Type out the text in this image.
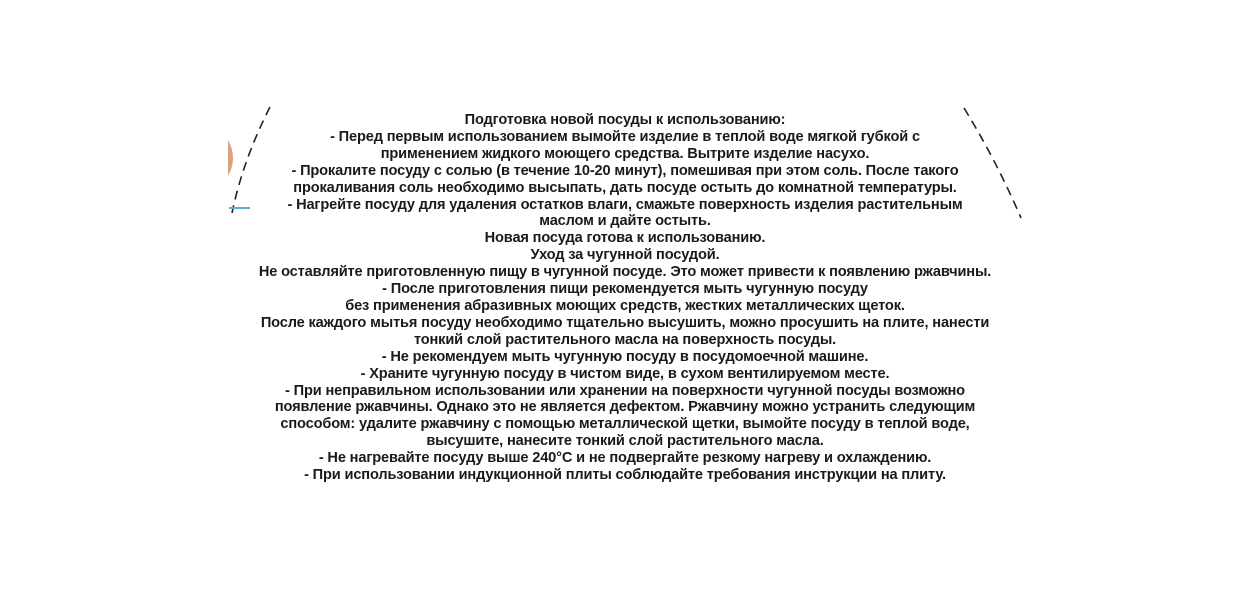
Подготовка новой посуды к использованию:
- Перед первым использованием вымойте изделие в теплой воде мягкой губкой с
применением жидкого моющего средства. Вытрите изделие насухо.
- Прокалите посуду с солью (в течение 10-20 минут), помешивая при этом соль. После такого
прокаливания соль необходимо высыпать, дать посуде остыть до комнатной температуры.
- Нагрейте посуду для удаления остатков влаги, смажьте поверхность изделия растительным
маслом и дайте остыть.
Новая посуда готова к использованию.
Уход за чугунной посудой.
Не оставляйте приготовленную пищу в чугунной посуде. Это может привести к появлению ржавчины.
- После приготовления пищи рекомендуется мыть чугунную посуду
без применения абразивных моющих средств, жестких металлических щеток.
После каждого мытья посуду необходимо тщательно высушить, можно просушить на плите, нанести
тонкий слой растительного масла на поверхность посуды.
- Не рекомендуем мыть чугунную посуду в посудомоечной машине.
- Храните чугунную посуду в чистом виде, в сухом вентилируемом месте.
- При неправильном использовании или хранении на поверхности чугунной посуды возможно
появление ржавчины. Однако это не является дефектом. Ржавчину можно устранить следующим
способом: удалите ржавчину с помощью металлической щетки, вымойте посуду в теплой воде,
высушите, нанесите тонкий слой растительного масла.
- Не нагревайте посуду выше 240°С и не подвергайте резкому нагреву и охлаждению.
- При использовании индукционной плиты соблюдайте требования инструкции на плиту.
